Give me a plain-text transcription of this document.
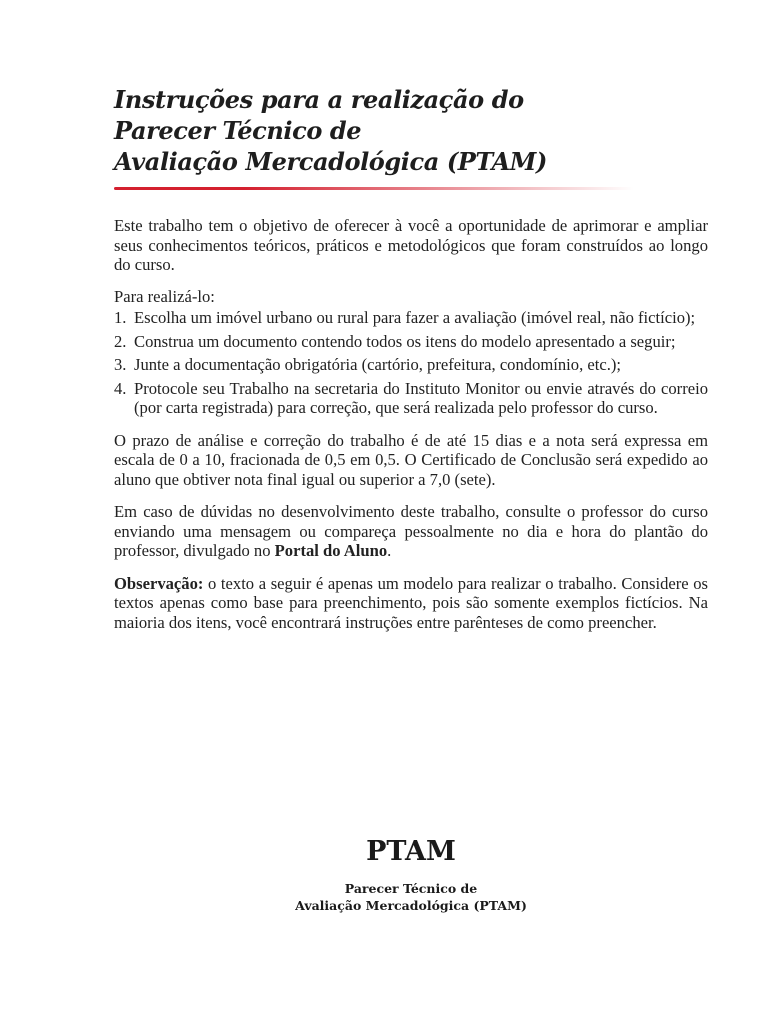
Instruções para a realização do
Parecer Técnico de
Avaliação Mercadológica (PTAM)

Este trabalho tem o objetivo de oferecer à você a oportunidade de aprimorar e ampliar seus conhecimentos teóricos, práticos e metodológicos que foram construídos ao longo do curso.

Para realizá-lo:

1. Escolha um imóvel urbano ou rural para fazer a avaliação (imóvel real, não fictício);
2. Construa um documento contendo todos os itens do modelo apresentado a seguir;
3. Junte a documentação obrigatória (cartório, prefeitura, condomínio, etc.);
4. Protocole seu Trabalho na secretaria do Instituto Monitor ou envie através do correio (por carta registrada) para correção, que será realizada pelo professor do curso.

O prazo de análise e correção do trabalho é de até 15 dias e a nota será expressa em escala de 0 a 10, fracionada de 0,5 em 0,5. O Certificado de Conclusão será expedido ao aluno que obtiver nota final igual ou superior a 7,0 (sete).

Em caso de dúvidas no desenvolvimento deste trabalho, consulte o professor do curso enviando uma mensagem ou compareça pessoalmente no dia e hora do plantão do professor, divulgado no Portal do Aluno.

Observação: o texto a seguir é apenas um modelo para realizar o trabalho. Considere os textos apenas como base para preenchimento, pois são somente exemplos fictícios. Na maioria dos itens, você encontrará instruções entre parênteses de como preencher.

PTAM

Parecer Técnico de
Avaliação Mercadológica (PTAM)
